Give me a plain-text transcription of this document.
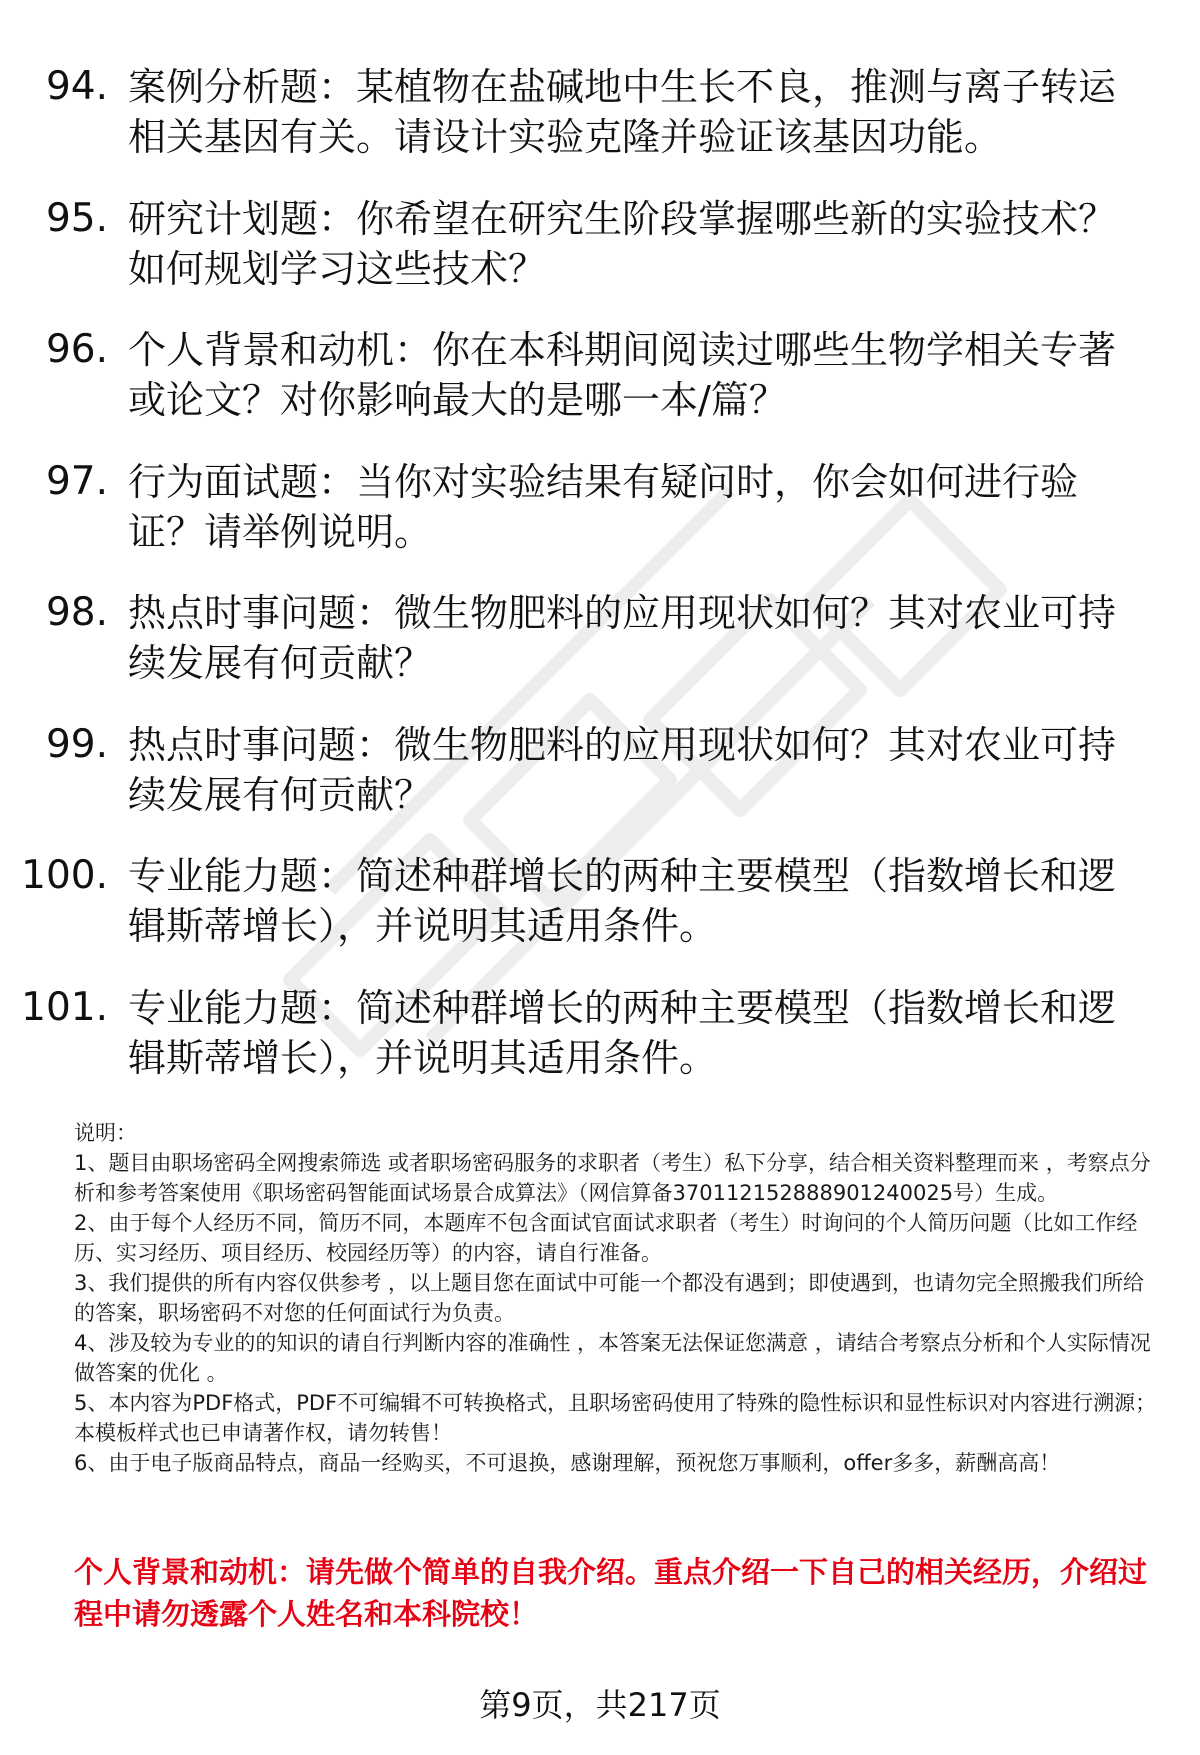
94. 案例分析题：某植物在盐碱地中生长不良，推测与离子转运相关基因有关。请设计实验克隆并验证该基因功能。
95. 研究计划题：你希望在研究生阶段掌握哪些新的实验技术？如何规划学习这些技术？
96. 个人背景和动机：你在本科期间阅读过哪些生物学相关专著或论文？对你影响最大的是哪一本/篇？
97. 行为面试题：当你对实验结果有疑问时，你会如何进行验证？请举例说明。
98. 热点时事问题：微生物肥料的应用现状如何？其对农业可持续发展有何贡献？
99. 热点时事问题：微生物肥料的应用现状如何？其对农业可持续发展有何贡献？
100. 专业能力题：简述种群增长的两种主要模型（指数增长和逻辑斯蒂增长），并说明其适用条件。
101. 专业能力题：简述种群增长的两种主要模型（指数增长和逻辑斯蒂增长），并说明其适用条件。

说明：

1、题目由职场密码全网搜索筛选 或者职场密码服务的求职者（考生）私下分享，结合相关资料整理而来 ，考察点分析和参考答案使用《职场密码智能面试场景合成算法》（网信算备370112152888901240025号）生成。

2、由于每个人经历不同，简历不同，本题库不包含面试官面试求职者（考生）时询问的个人简历问题（比如工作经历、实习经历、项目经历、校园经历等）的内容，请自行准备。

3、我们提供的所有内容仅供参考 ，以上题目您在面试中可能一个都没有遇到；即使遇到，也请勿完全照搬我们所给的答案，职场密码不对您的任何面试行为负责。

4、涉及较为专业的的知识的请自行判断内容的准确性 ，本答案无法保证您满意 ，请结合考察点分析和个人实际情况做答案的优化 。

5、本内容为PDF格式，PDF不可编辑不可转换格式，且职场密码使用了特殊的隐性标识和显性标识对内容进行溯源；本模板样式也已申请著作权，请勿转售！

6、由于电子版商品特点，商品一经购买，不可退换，感谢理解，预祝您万事顺利，offer多多，薪酬高高！

个人背景和动机：请先做个简单的自我介绍。重点介绍一下自己的相关经历，介绍过程中请勿透露个人姓名和本科院校！
第9页，共217页
